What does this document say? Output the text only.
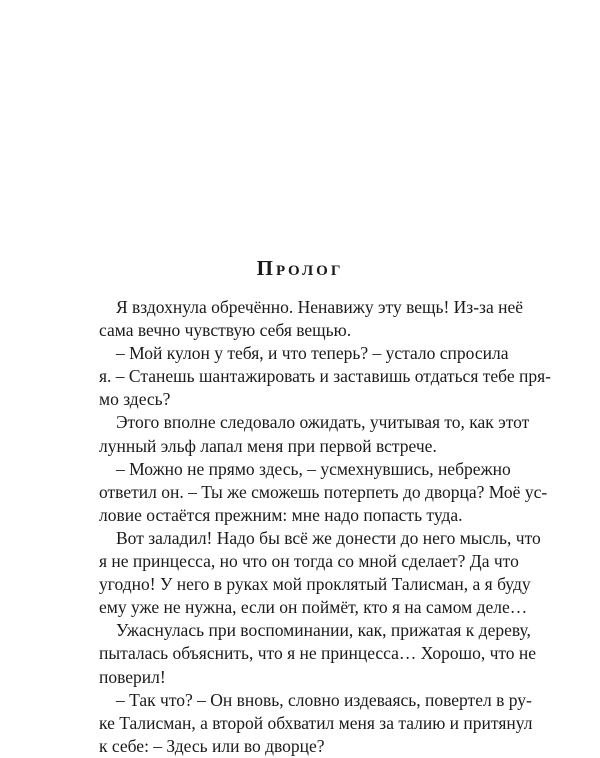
Пролог
Я вздохнула обречённо. Ненавижу эту вещь! Из-за неё
сама вечно чувствую себя вещью.
– Мой кулон у тебя, и что теперь? – устало спросила
я. – Станешь шантажировать и заставишь отдаться тебе пря-
мо здесь?
Этого вполне следовало ожидать, учитывая то, как этот
лунный эльф лапал меня при первой встрече.
– Можно не прямо здесь, – усмехнувшись, небрежно
ответил он. – Ты же сможешь потерпеть до дворца? Моё ус-
ловие остаётся прежним: мне надо попасть туда.
Вот заладил! Надо бы всё же донести до него мысль, что
я не принцесса, но что он тогда со мной сделает? Да что
угодно! У него в руках мой проклятый Талисман, а я буду
ему уже не нужна, если он поймёт, кто я на самом деле…
Ужаснулась при воспоминании, как, прижатая к дереву,
пыталась объяснить, что я не принцесса… Хорошо, что не
поверил!
– Так что? – Он вновь, словно издеваясь, повертел в ру-
ке Талисман, а второй обхватил меня за талию и притянул
к себе: – Здесь или во дворце?
